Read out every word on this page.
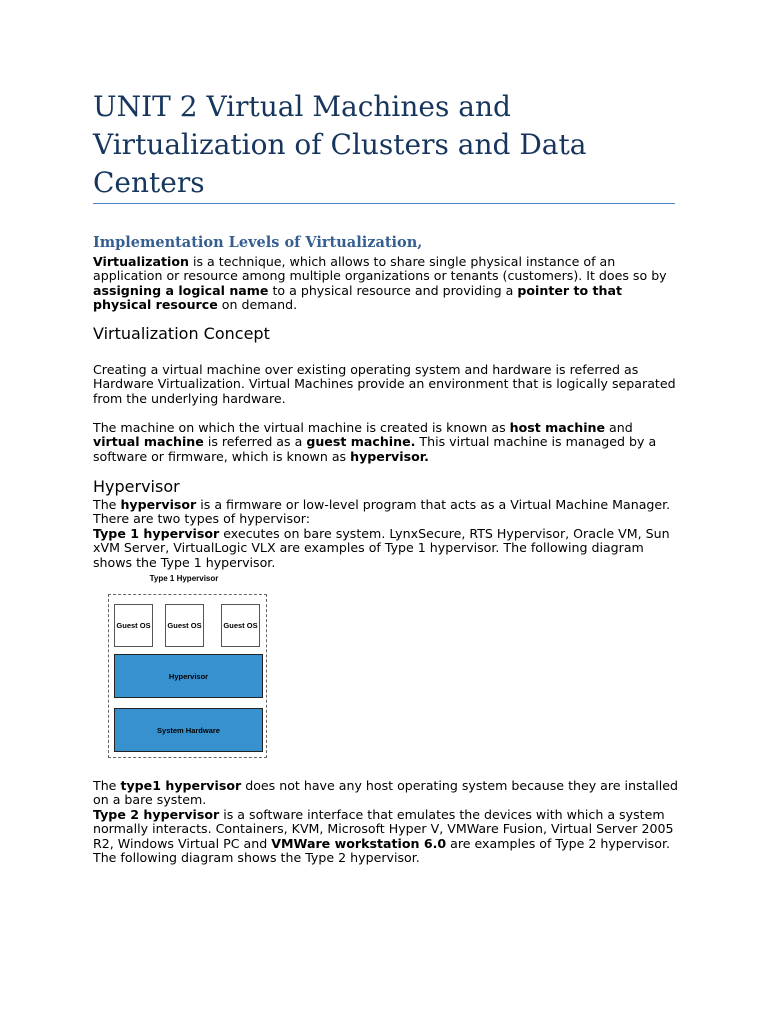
UNIT 2 Virtual Machines and Virtualization of Clusters and Data Centers
Implementation Levels of Virtualization,

Virtualization is a technique, which allows to share single physical instance of an application or resource among multiple organizations or tenants (customers). It does so by assigning a logical name to a physical resource and providing a pointer to that physical resource on demand.

Virtualization Concept

Creating a virtual machine over existing operating system and hardware is referred as Hardware Virtualization. Virtual Machines provide an environment that is logically separated from the underlying hardware.

The machine on which the virtual machine is created is known as host machine and virtual machine is referred as a guest machine. This virtual machine is managed by a software or firmware, which is known as hypervisor.

Hypervisor

The hypervisor is a firmware or low-level program that acts as a Virtual Machine Manager. There are two types of hypervisor:

Type 1 hypervisor executes on bare system. LynxSecure, RTS Hypervisor, Oracle VM, Sun xVM Server, VirtualLogic VLX are examples of Type 1 hypervisor. The following diagram shows the Type 1 hypervisor.

Type 1 Hypervisor
Guest OS	Guest OS	Guest OS
Hypervisor
System Hardware

The type1 hypervisor does not have any host operating system because they are installed on a bare system.

Type 2 hypervisor is a software interface that emulates the devices with which a system normally interacts. Containers, KVM, Microsoft Hyper V, VMWare Fusion, Virtual Server 2005 R2, Windows Virtual PC and VMWare workstation 6.0 are examples of Type 2 hypervisor. The following diagram shows the Type 2 hypervisor.
